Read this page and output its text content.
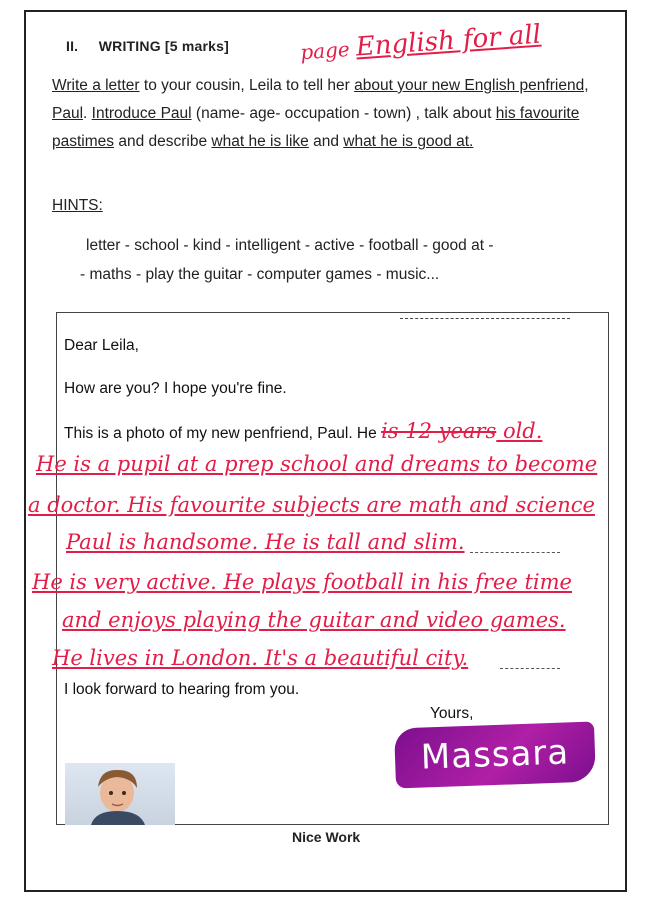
II. WRITING [5 marks]	page English for all
Write a letter to your cousin, Leila to tell her about your new English penfriend, Paul. Introduce Paul (name- age- occupation - town) , talk about his favourite pastimes and describe what he is like and what he is good at.
HINTS:
letter - school - kind - intelligent - active - football - good at -
- maths - play the guitar - computer games - music...
Dear Leila,
How are you? I hope you're fine.
This is a photo of my new penfriend, Paul. He is 12 years old.
He is a pupil at a prep school and dreams to become
a doctor. His favourite subjects are math and science
Paul is handsome. He is tall and slim.
He is very active. He plays football in his free time
and enjoys playing the guitar and video games.
He lives in London. It's a beautiful city.
I look forward to hearing from you.
Yours,
Massara
Nice Work
